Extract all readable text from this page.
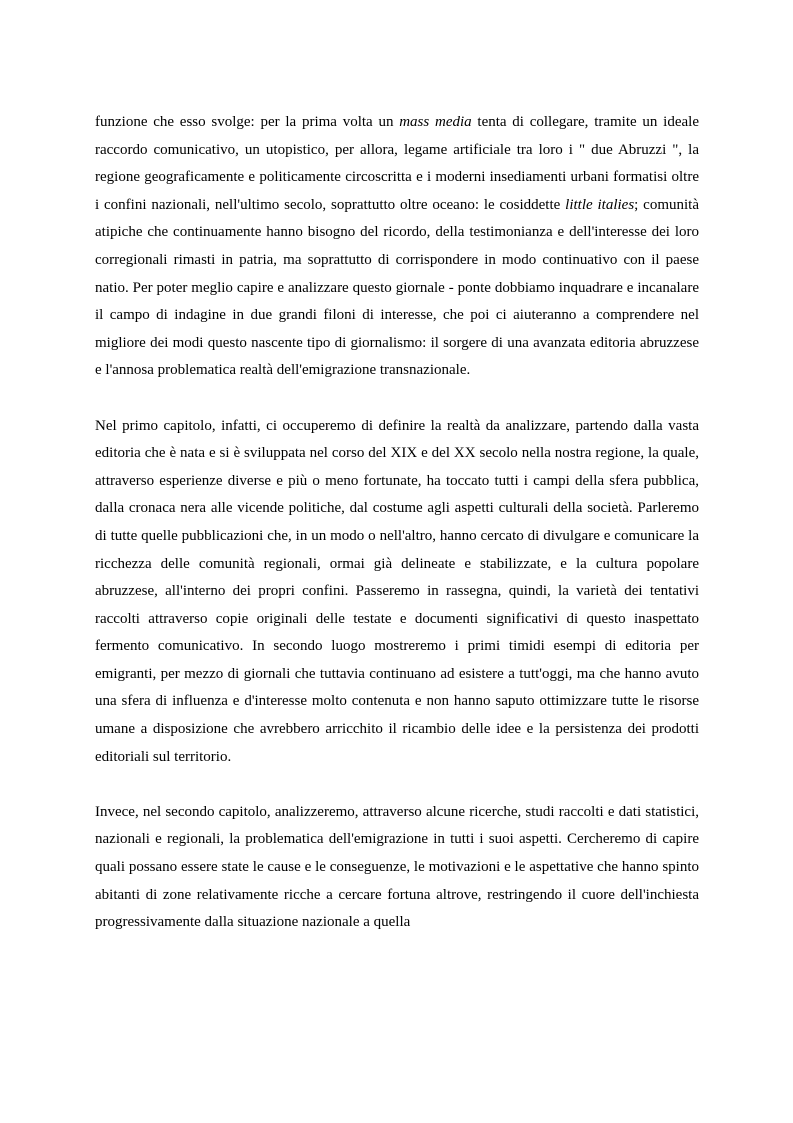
funzione che esso svolge: per la prima volta un mass media tenta di collegare, tramite un ideale raccordo comunicativo, un utopistico, per allora, legame artificiale tra loro i " due Abruzzi ", la regione geograficamente e politicamente circoscritta e i moderni insediamenti urbani formatisi oltre i confini nazionali, nell'ultimo secolo, soprattutto oltre oceano: le cosiddette little italies; comunità atipiche che continuamente hanno bisogno del ricordo, della testimonianza e dell'interesse dei loro corregionali rimasti in patria, ma soprattutto di corrispondere in modo continuativo con il paese natio. Per poter meglio capire e analizzare questo giornale - ponte dobbiamo inquadrare e incanalare il campo di indagine in due grandi filoni di interesse, che poi ci aiuteranno a comprendere nel migliore dei modi questo nascente tipo di giornalismo: il sorgere di una avanzata editoria abruzzese e l'annosa problematica realtà dell'emigrazione transnazionale.

Nel primo capitolo, infatti, ci occuperemo di definire la realtà da analizzare, partendo dalla vasta editoria che è nata e si è sviluppata nel corso del XIX e del XX secolo nella nostra regione, la quale, attraverso esperienze diverse e più o meno fortunate, ha toccato tutti i campi della sfera pubblica, dalla cronaca nera alle vicende politiche, dal costume agli aspetti culturali della società. Parleremo di tutte quelle pubblicazioni che, in un modo o nell'altro, hanno cercato di divulgare e comunicare la ricchezza delle comunità regionali, ormai già delineate e stabilizzate, e la cultura popolare abruzzese, all'interno dei propri confini. Passeremo in rassegna, quindi, la varietà dei tentativi raccolti attraverso copie originali delle testate e documenti significativi di questo inaspettato fermento comunicativo. In secondo luogo mostreremo i primi timidi esempi di editoria per emigranti, per mezzo di giornali che tuttavia continuano ad esistere a tutt'oggi, ma che hanno avuto una sfera di influenza e d'interesse molto contenuta e non hanno saputo ottimizzare tutte le risorse umane a disposizione che avrebbero arricchito il ricambio delle idee e la persistenza dei prodotti editoriali sul territorio.

Invece, nel secondo capitolo, analizzeremo, attraverso alcune ricerche, studi raccolti e dati statistici, nazionali e regionali, la problematica dell'emigrazione in tutti i suoi aspetti. Cercheremo di capire quali possano essere state le cause e le conseguenze, le motivazioni e le aspettative che hanno spinto abitanti di zone relativamente ricche a cercare fortuna altrove, restringendo il cuore dell'inchiesta progressivamente dalla situazione nazionale a quella
